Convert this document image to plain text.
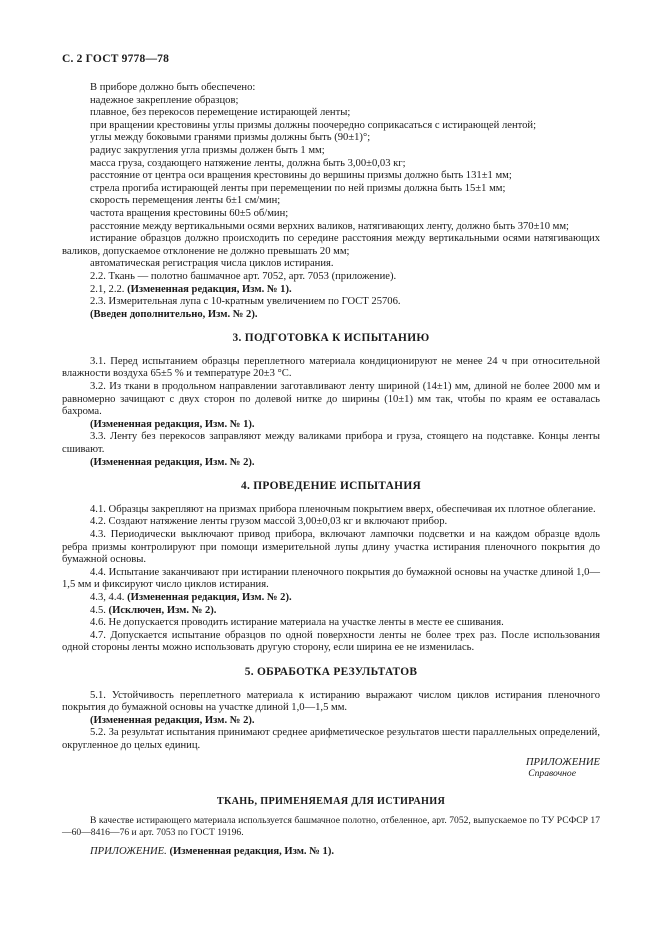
С. 2 ГОСТ 9778—78

В приборе должно быть обеспечено:

надежное закрепление образцов;

плавное, без перекосов перемещение истирающей ленты;

при вращении крестовины углы призмы должны поочередно соприкасаться с истирающей лентой;

углы между боковыми гранями призмы должны быть (90±1)°;

радиус закругления угла призмы должен быть 1 мм;

масса груза, создающего натяжение ленты, должна быть 3,00±0,03 кг;

расстояние от центра оси вращения крестовины до вершины призмы должно быть 131±1 мм;

стрела прогиба истирающей ленты при перемещении по ней призмы должна быть 15±1 мм;

скорость перемещения ленты 6±1 см/мин;

частота вращения крестовины 60±5 об/мин;

расстояние между вертикальными осями верхних валиков, натягивающих ленту, должно быть 370±10 мм;

истирание образцов должно происходить по середине расстояния между вертикальными осями натягивающих валиков, допускаемое отклонение не должно превышать 20 мм;

автоматическая регистрация числа циклов истирания.

2.2. Ткань — полотно башмачное арт. 7052, арт. 7053 (приложение).

2.1, 2.2. (Измененная редакция, Изм. № 1).

2.3. Измерительная лупа с 10-кратным увеличением по ГОСТ 25706.

(Введен дополнительно, Изм. № 2).

3. ПОДГОТОВКА К ИСПЫТАНИЮ

3.1. Перед испытанием образцы переплетного материала кондиционируют не менее 24 ч при относительной влажности воздуха 65±5 % и температуре 20±3 °С.

3.2. Из ткани в продольном направлении заготавливают ленту шириной (14±1) мм, длиной не более 2000 мм и равномерно зачищают с двух сторон по долевой нитке до ширины (10±1) мм так, чтобы по краям ее оставалась бахрома.

(Измененная редакция, Изм. № 1).

3.3. Ленту без перекосов заправляют между валиками прибора и груза, стоящего на подставке. Концы ленты сшивают.

(Измененная редакция, Изм. № 2).

4. ПРОВЕДЕНИЕ ИСПЫТАНИЯ

4.1. Образцы закрепляют на призмах прибора пленочным покрытием вверх, обеспечивая их плотное облегание.

4.2. Создают натяжение ленты грузом массой 3,00±0,03 кг и включают прибор.

4.3. Периодически выключают привод прибора, включают лампочки подсветки и на каждом образце вдоль ребра призмы контролируют при помощи измерительной лупы длину участка истирания пленочного покрытия до бумажной основы.

4.4. Испытание заканчивают при истирании пленочного покрытия до бумажной основы на участке длиной 1,0—1,5 мм и фиксируют число циклов истирания.

4.3, 4.4. (Измененная редакция, Изм. № 2).

4.5. (Исключен, Изм. № 2).

4.6. Не допускается проводить истирание материала на участке ленты в месте ее сшивания.

4.7. Допускается испытание образцов по одной поверхности ленты не более трех раз. После использования одной стороны ленты можно использовать другую сторону, если ширина ее не изменилась.

5. ОБРАБОТКА РЕЗУЛЬТАТОВ

5.1. Устойчивость переплетного материала к истиранию выражают числом циклов истирания пленочного покрытия до бумажной основы на участке длиной 1,0—1,5 мм.

(Измененная редакция, Изм. № 2).

5.2. За результат испытания принимают среднее арифметическое результатов шести параллельных определений, округленное до целых единиц.

ПРИЛОЖЕНИЕ
Справочное
ТКАНЬ, ПРИМЕНЯЕМАЯ ДЛЯ ИСТИРАНИЯ

В качестве истирающего материала используется башмачное полотно, отбеленное, арт. 7052, выпускаемое по ТУ РСФСР 17—60—8416—76 и арт. 7053 по ГОСТ 19196.

ПРИЛОЖЕНИЕ. (Измененная редакция, Изм. № 1).
